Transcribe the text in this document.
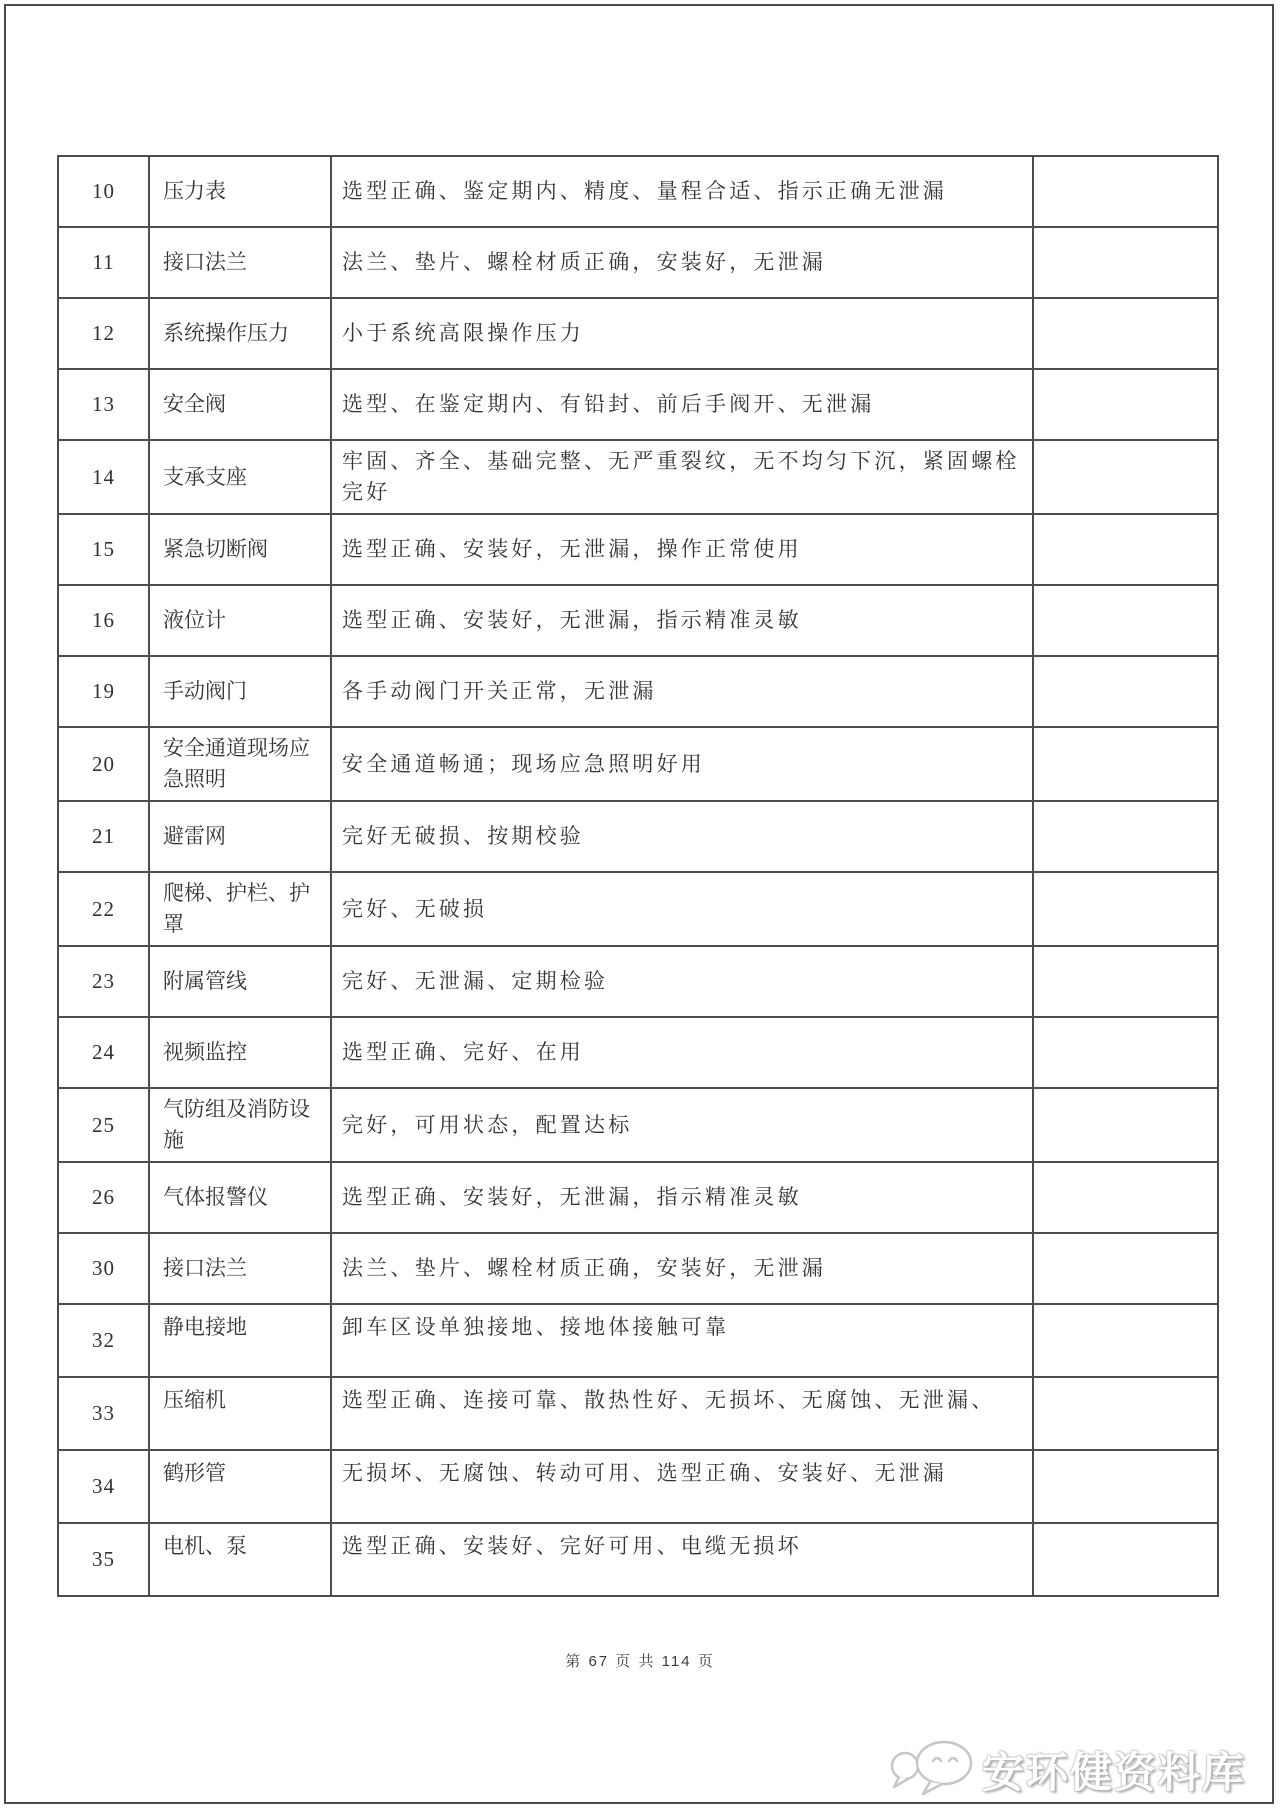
10	压力表	选型正确、鉴定期内、精度、量程合适、指示正确无泄漏	
11	接口法兰	法兰、垫片、螺栓材质正确，安装好，无泄漏	
12	系统操作压力	小于系统高限操作压力	
13	安全阀	选型、在鉴定期内、有铅封、前后手阀开、无泄漏	
14	支承支座	牢固、齐全、基础完整、无严重裂纹，无不均匀下沉，紧固螺栓完好	
15	紧急切断阀	选型正确、安装好，无泄漏，操作正常使用	
16	液位计	选型正确、安装好，无泄漏，指示精准灵敏	
19	手动阀门	各手动阀门开关正常，无泄漏	
20	安全通道现场应急照明	安全通道畅通；现场应急照明好用	
21	避雷网	完好无破损、按期校验	
22	爬梯、护栏、护罩	完好、无破损	
23	附属管线	完好、无泄漏、定期检验	
24	视频监控	选型正确、完好、在用	
25	气防组及消防设施	完好，可用状态，配置达标	
26	气体报警仪	选型正确、安装好，无泄漏，指示精准灵敏	
30	接口法兰	法兰、垫片、螺栓材质正确，安装好，无泄漏	
32	静电接地	卸车区设单独接地、接地体接触可靠	
33	压缩机	选型正确、连接可靠、散热性好、无损坏、无腐蚀、无泄漏、	
34	鹤形管	无损坏、无腐蚀、转动可用、选型正确、安装好、无泄漏	
35	电机、泵	选型正确、安装好、完好可用、电缆无损坏	
第 67 页 共 114 页
安环健资料库
